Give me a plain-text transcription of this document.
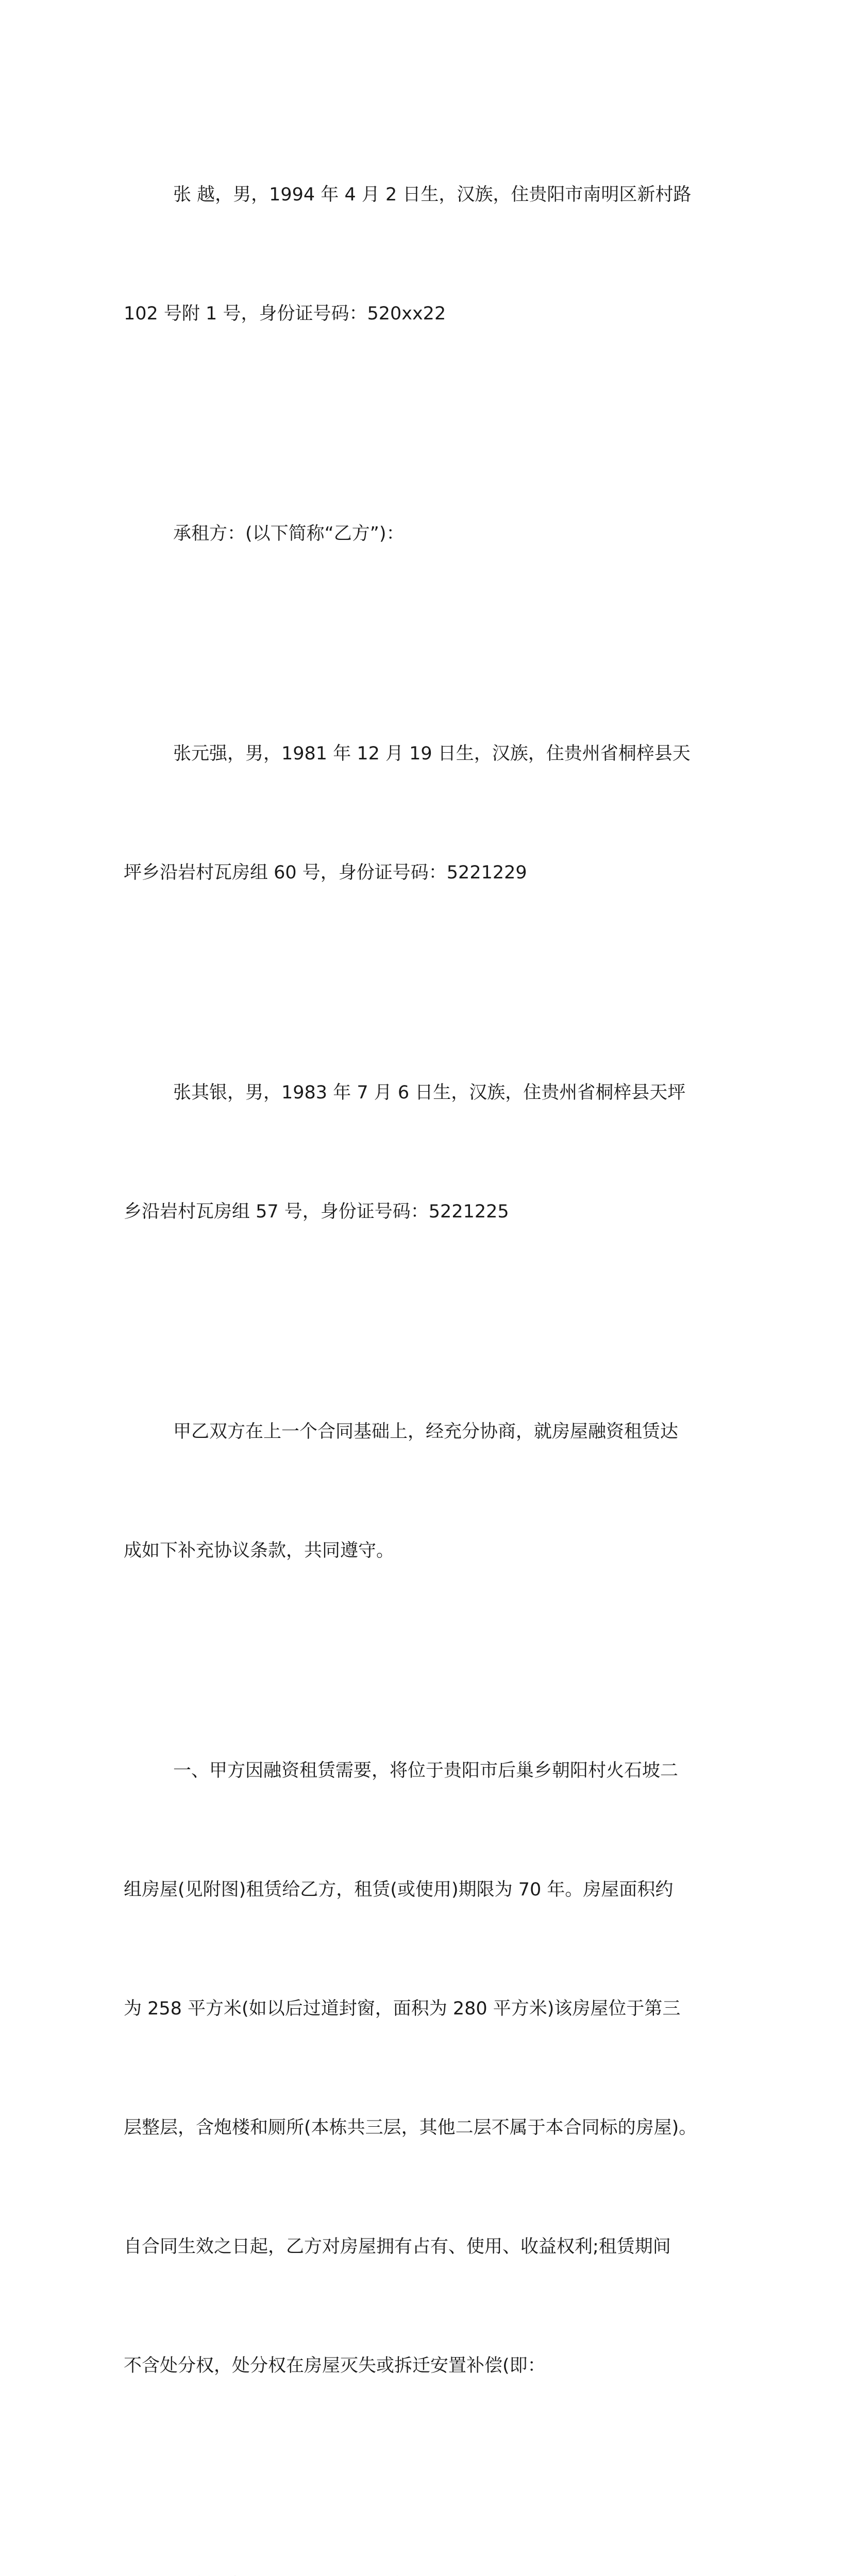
张 越，男，1994 年 4 月 2 日生，汉族，住贵阳市南明区新村路

102 号附 1 号，身份证号码：520xx22

承租方：(以下简称“乙方”)：

张元强，男，1981 年 12 月 19 日生，汉族，住贵州省桐梓县天

坪乡沿岩村瓦房组 60 号，身份证号码：5221229

张其银，男，1983 年 7 月 6 日生，汉族，住贵州省桐梓县天坪

乡沿岩村瓦房组 57 号，身份证号码：5221225

甲乙双方在上一个合同基础上，经充分协商，就房屋融资租赁达

成如下补充协议条款，共同遵守。

一、甲方因融资租赁需要，将位于贵阳市后巢乡朝阳村火石坡二

组房屋(见附图)租赁给乙方，租赁(或使用)期限为 70 年。房屋面积约

为 258 平方米(如以后过道封窗，面积为 280 平方米)该房屋位于第三

层整层，含炮楼和厕所(本栋共三层，其他二层不属于本合同标的房屋)。

自合同生效之日起，乙方对房屋拥有占有、使用、收益权利;租赁期间

不含处分权，处分权在房屋灭失或拆迁安置补偿(即：
